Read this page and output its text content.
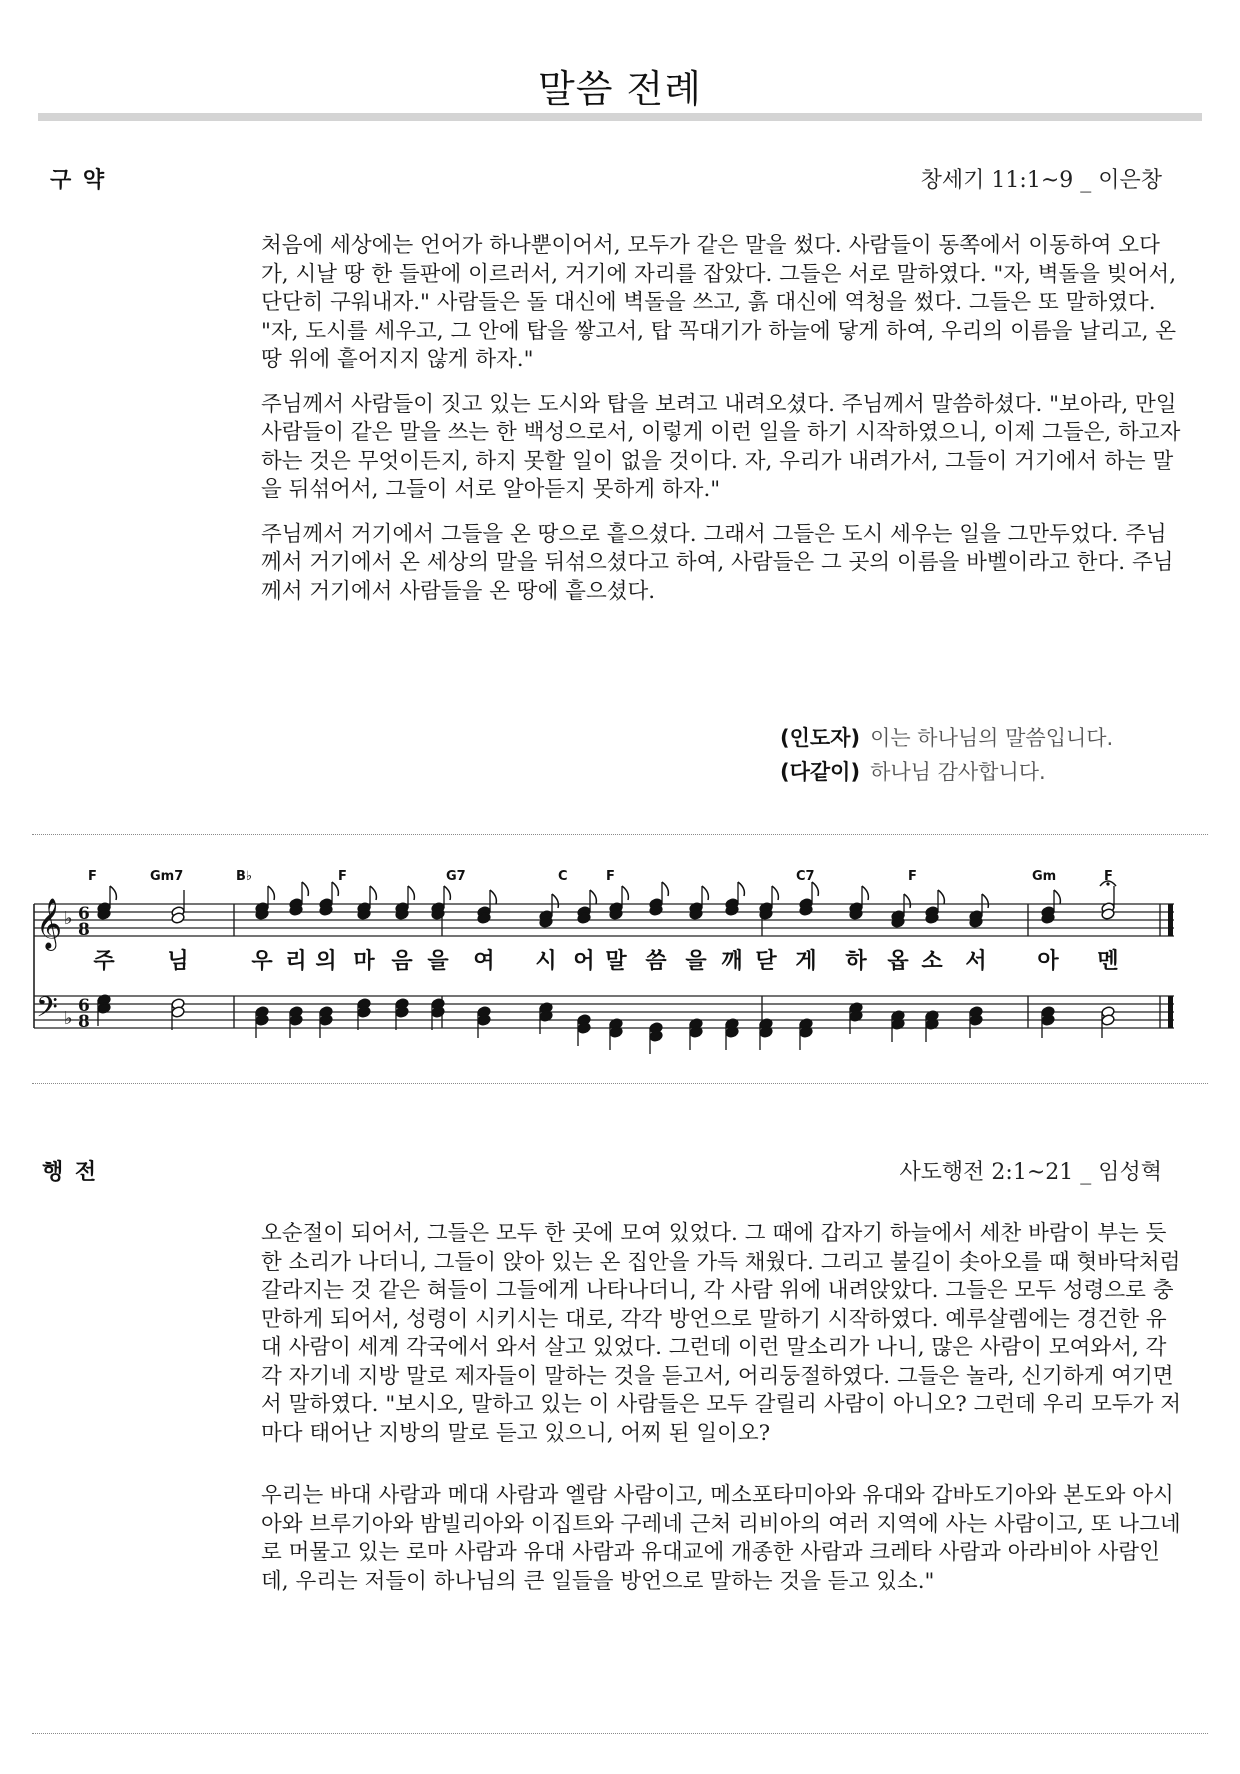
말씀 전례
구 약	창세기 11:1~9 _ 이은창

처음에 세상에는 언어가 하나뿐이어서, 모두가 같은 말을 썼다. 사람들이 동쪽에서 이동하여 오다가, 시날 땅 한 들판에 이르러서, 거기에 자리를 잡았다. 그들은 서로 말하였다. "자, 벽돌을 빚어서, 단단히 구워내자." 사람들은 돌 대신에 벽돌을 쓰고, 흙 대신에 역청을 썼다. 그들은 또 말하였다. "자, 도시를 세우고, 그 안에 탑을 쌓고서, 탑 꼭대기가 하늘에 닿게 하여, 우리의 이름을 날리고, 온 땅 위에 흩어지지 않게 하자."

주님께서 사람들이 짓고 있는 도시와 탑을 보려고 내려오셨다. 주님께서 말씀하셨다. "보아라, 만일 사람들이 같은 말을 쓰는 한 백성으로서, 이렇게 이런 일을 하기 시작하였으니, 이제 그들은, 하고자 하는 것은 무엇이든지, 하지 못할 일이 없을 것이다. 자, 우리가 내려가서, 그들이 거기에서 하는 말을 뒤섞어서, 그들이 서로 알아듣지 못하게 하자."

주님께서 거기에서 그들을 온 땅으로 흩으셨다. 그래서 그들은 도시 세우는 일을 그만두었다. 주님께서 거기에서 온 세상의 말을 뒤섞으셨다고 하여, 사람들은 그 곳의 이름을 바벨이라고 한다. 주님께서 거기에서 사람들을 온 땅에 흩으셨다.

(인도자) 이는 하나님의 말씀입니다.
(다같이) 하나님 감사합니다.
𝄞
𝄢
♭
♭
6
8
6
8
F	Gm7	B♭	F	G7	C	F	C7	F	Gm	F
주 님	우 리 의 마 음 을 여 시 어 말 씀 을 깨 닫 게 하 옵 소 서 아 멘
행 전	사도행전 2:1~21 _ 임성혁

오순절이 되어서, 그들은 모두 한 곳에 모여 있었다. 그 때에 갑자기 하늘에서 세찬 바람이 부는 듯한 소리가 나더니, 그들이 앉아 있는 온 집안을 가득 채웠다. 그리고 불길이 솟아오를 때 혓바닥처럼 갈라지는 것 같은 혀들이 그들에게 나타나더니, 각 사람 위에 내려앉았다. 그들은 모두 성령으로 충만하게 되어서, 성령이 시키시는 대로, 각각 방언으로 말하기 시작하였다. 예루살렘에는 경건한 유대 사람이 세계 각국에서 와서 살고 있었다. 그런데 이런 말소리가 나니, 많은 사람이 모여와서, 각각 자기네 지방 말로 제자들이 말하는 것을 듣고서, 어리둥절하였다. 그들은 놀라, 신기하게 여기면서 말하였다. "보시오, 말하고 있는 이 사람들은 모두 갈릴리 사람이 아니오? 그런데 우리 모두가 저마다 태어난 지방의 말로 듣고 있으니, 어찌 된 일이오?

우리는 바대 사람과 메대 사람과 엘람 사람이고, 메소포타미아와 유대와 갑바도기아와 본도와 아시아와 브루기아와 밤빌리아와 이집트와 구레네 근처 리비아의 여러 지역에 사는 사람이고, 또 나그네로 머물고 있는 로마 사람과 유대 사람과 유대교에 개종한 사람과 크레타 사람과 아라비아 사람인데, 우리는 저들이 하나님의 큰 일들을 방언으로 말하는 것을 듣고 있소."
